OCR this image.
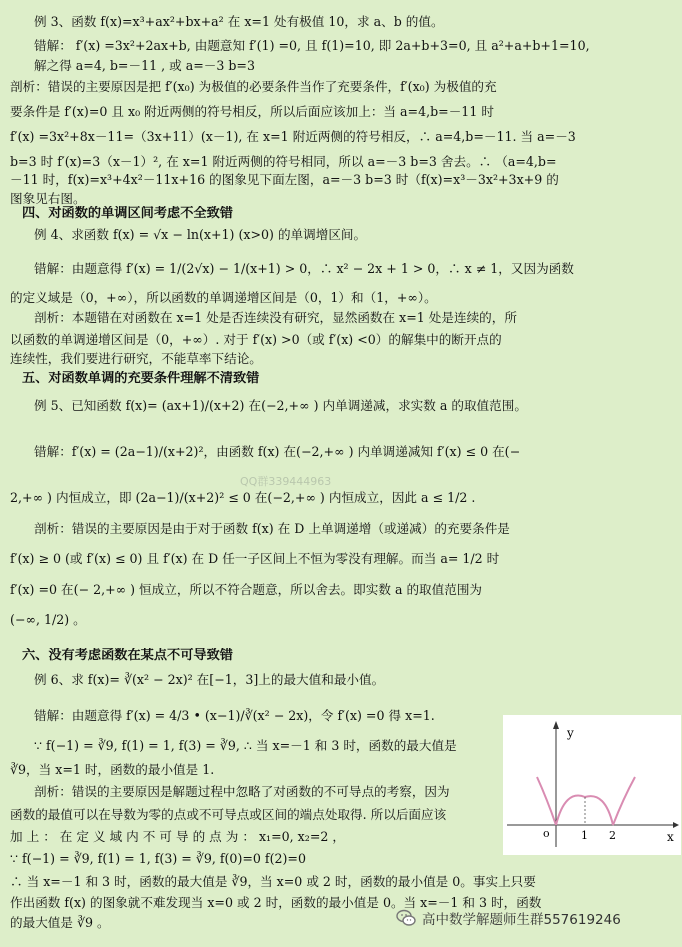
例 3、函数 f(x)=x³+ax²+bx+a² 在 x=1 处有极值 10，求 a、b 的值。
错解： f′(x) =3x²+2ax+b, 由题意知 f′(1) =0, 且 f(1)=10, 即 2a+b+3=0, 且 a²+a+b+1=10,
解之得 a=4, b=－11 , 或 a=－3 b=3
剖析：错误的主要原因是把 f′(x₀) 为极值的必要条件当作了充要条件，f′(x₀) 为极值的充
要条件是 f′(x)=0 且 x₀ 附近两侧的符号相反，所以后面应该加上：当 a=4,b=－11 时
f′(x) =3x²+8x－11=（3x+11）(x－1), 在 x=1 附近两侧的符号相反，∴ a=4,b=－11. 当 a=－3
b=3 时 f′(x)=3（x－1）², 在 x=1 附近两侧的符号相同，所以 a=－3 b=3 舍去。∴ （a=4,b=
－11 时，f(x)=x³+4x²－11x+16 的图象见下面左图，a=－3 b=3 时（f(x)=x³－3x²+3x+9 的
图象见右图。
四、对函数的单调区间考虑不全致错
例 4、求函数 f(x) = √x − ln(x+1) (x>0) 的单调增区间。
错解：由题意得 f′(x) = 1/(2√x) − 1/(x+1) > 0，∴ x² − 2x + 1 > 0，∴ x ≠ 1，又因为函数
的定义域是（0，+∞），所以函数的单调递增区间是（0，1）和（1，+∞）。
剖析：本题错在对函数在 x=1 处是否连续没有研究，显然函数在 x=1 处是连续的，所
以函数的单调递增区间是（0，+∞）. 对于 f′(x) >0（或 f′(x) <0）的解集中的断开点的
连续性，我们要进行研究，不能草率下结论。
五、对函数单调的充要条件理解不清致错
例 5、已知函数 f(x)= (ax+1)/(x+2) 在(−2,+∞ ) 内单调递减，求实数 a 的取值范围。
错解：f′(x) = (2a−1)/(x+2)²，由函数 f(x) 在(−2,+∞ ) 内单调递减知 f′(x) ≤ 0 在(−
2,+∞ ) 内恒成立，即 (2a−1)/(x+2)² ≤ 0 在(−2,+∞ ) 内恒成立，因此 a ≤ 1/2 .
剖析：错误的主要原因是由于对于函数 f(x) 在 D 上单调递增（或递减）的充要条件是
f′(x) ≥ 0 (或 f′(x) ≤ 0) 且 f′(x) 在 D 任一子区间上不恒为零没有理解。而当 a= 1/2 时
f′(x) =0 在(− 2,+∞ ) 恒成立，所以不符合题意，所以舍去。即实数 a 的取值范围为
(−∞, 1/2) 。
六、没有考虑函数在某点不可导致错
例 6、求 f(x)= ∛(x² − 2x)² 在[−1，3]上的最大值和最小值。
错解：由题意得 f′(x) = 4/3 • (x−1)/∛(x² − 2x)，令 f′(x) =0 得 x=1.
∵ f(−1) = ∛9, f(1) = 1, f(3) = ∛9, ∴ 当 x=－1 和 3 时，函数的最大值是
∛9，当 x=1 时，函数的最小值是 1.
剖析：错误的主要原因是解题过程中忽略了对函数的不可导点的考察，因为
函数的最值可以在导数为零的点或不可导点或区间的端点处取得. 所以后面应该
加 上 ： 在 定 义 域 内 不 可 导 的 点 为 ： x₁=0, x₂=2 ，
∵ f(−1) = ∛9, f(1) = 1, f(3) = ∛9, f(0)=0 f(2)=0
∴ 当 x=－1 和 3 时，函数的最大值是 ∛9，当 x=0 或 2 时，函数的最小值是 0。事实上只要
作出函数 f(x) 的图象就不难发现当 x=0 或 2 时，函数的最小值是 0。当 x=－1 和 3 时，函数
的最大值是 ∛9 。
QQ群339444963
y
x
o	1 2
高中数学解题师生群557619246
